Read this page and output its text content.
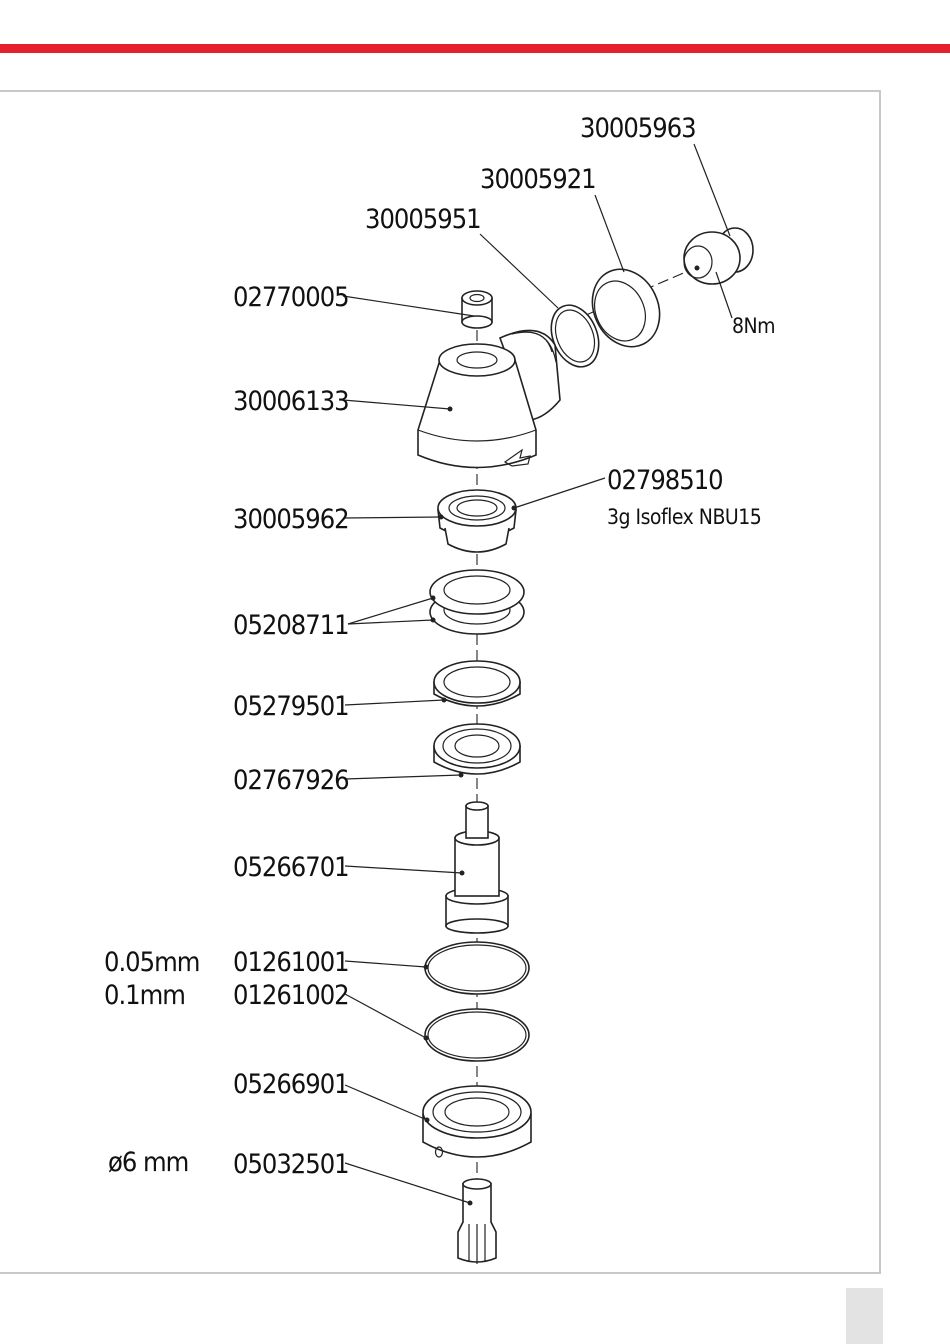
30005963
30005921
30005951
02770005
30006133
02798510
30005962
05208711
05279501
02767926
05266701
01261001
01261002
05266901
05032501
8Nm
3g Isoflex NBU15
0.05mm
0.1mm
ø6 mm
